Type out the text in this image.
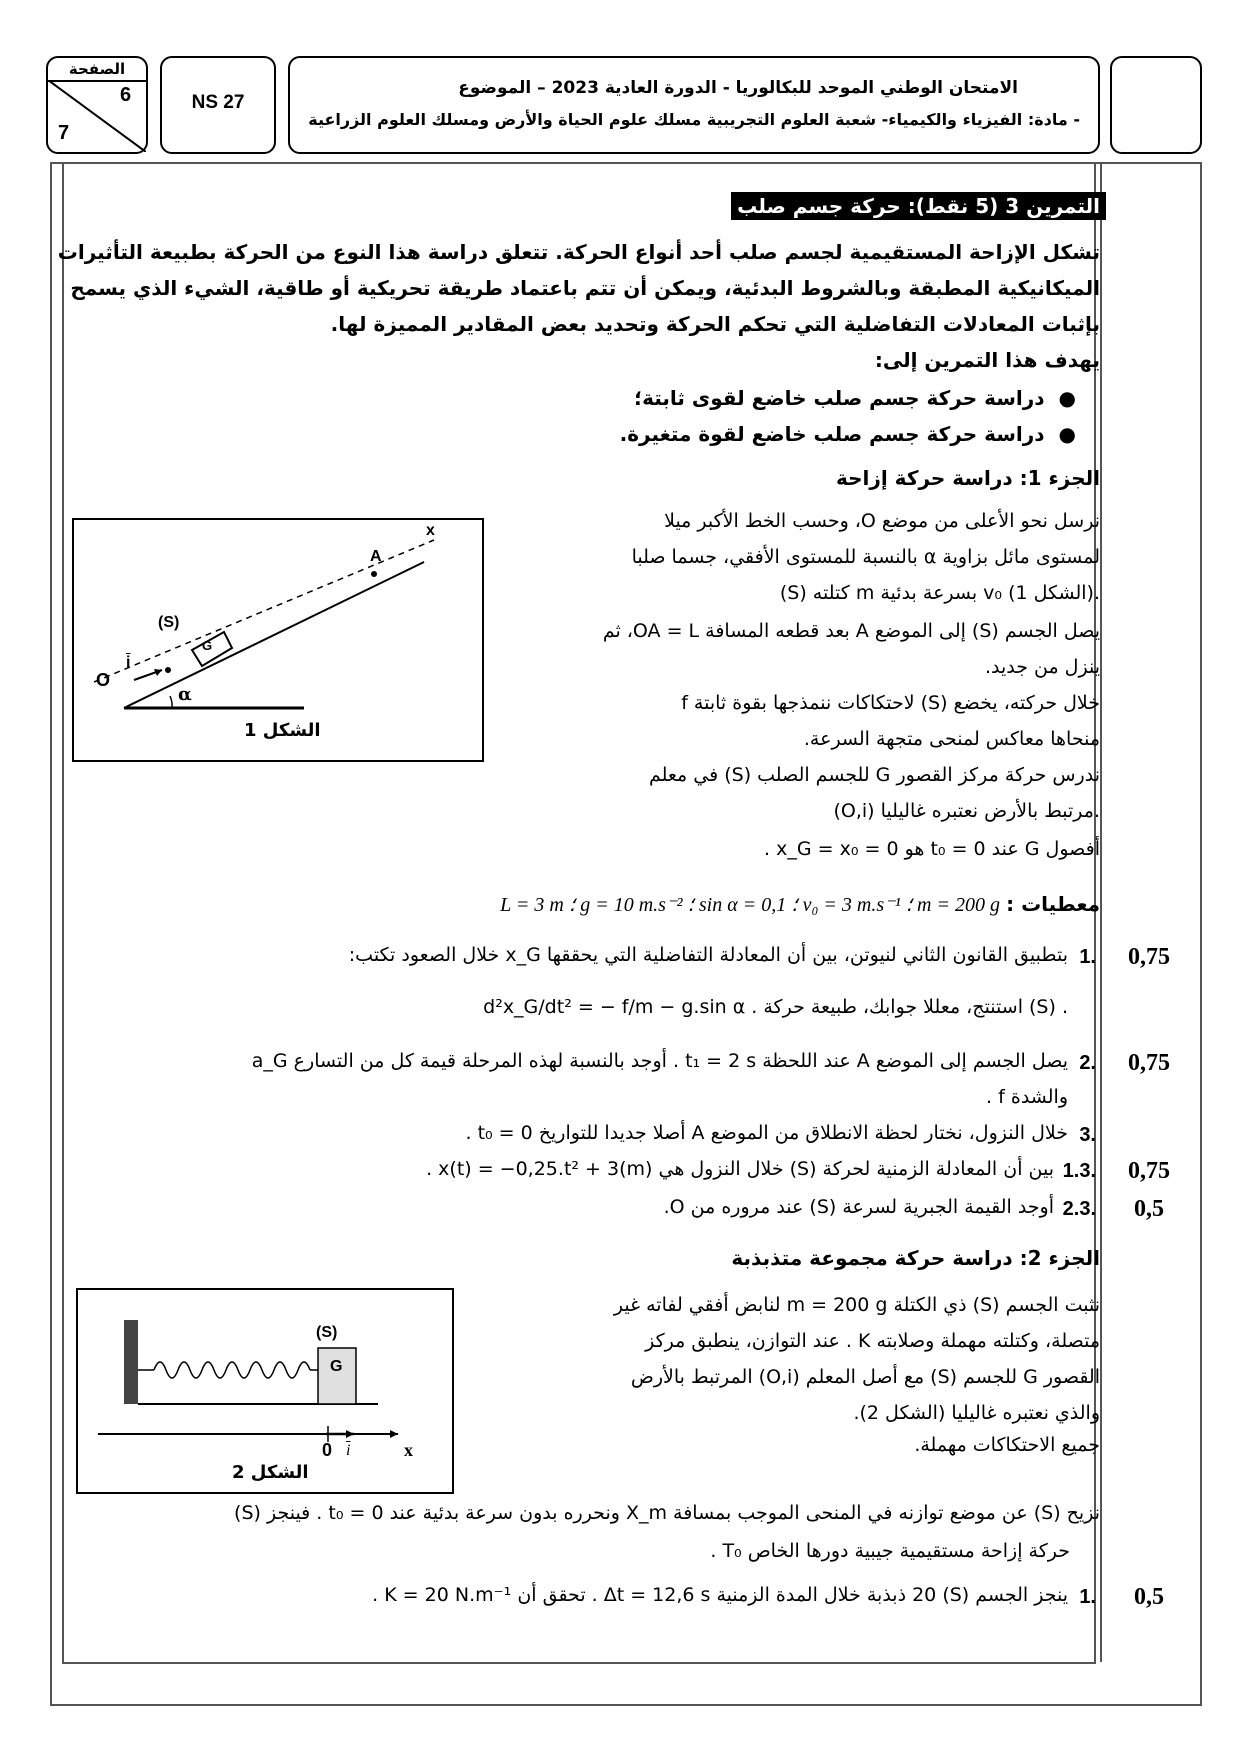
الصفحة
6
7
NS 27
الامتحان الوطني الموحد للبكالوريا - الدورة العادية 2023 – الموضوع
- مادة: الفيزياء والكيمياء- شعبة العلوم التجريبية مسلك علوم الحياة والأرض ومسلك العلوم الزراعية
التمرين 3 (5 نقط): حركة جسم صلب
تشكل الإزاحة المستقيمية لجسم صلب أحد أنواع الحركة. تتعلق دراسة هذا النوع من الحركة بطبيعة التأثيرات
الميكانيكية المطبقة وبالشروط البدئية، ويمكن أن تتم باعتماد طريقة تحريكية أو طاقية، الشيء الذي يسمح
بإثبات المعادلات التفاضلية التي تحكم الحركة وتحديد بعض المقادير المميزة لها.
يهدف هذا التمرين إلى:
●دراسة حركة جسم صلب خاضع لقوى ثابتة؛
●دراسة حركة جسم صلب خاضع لقوة متغيرة.
الجزء 1: دراسة حركة إزاحة
O
$\overline{i}$
(S)
G
A
x
α
الشكل 1
نرسل نحو الأعلى من موضع O، وحسب الخط الأكبر ميلا
لمستوى مائل بزاوية α بالنسبة للمستوى الأفقي، جسما صلبا
(S) كتلته m بسرعة بدئية v₀ (الشكل 1).
يصل الجسم (S) إلى الموضع A بعد قطعه المسافة OA = L، ثم
ينزل من جديد.
خلال حركته، يخضع (S) لاحتكاكات ننمذجها بقوة ثابتة f
منحاها معاكس لمنحى متجهة السرعة.
ندرس حركة مركز القصور G للجسم الصلب (S) في معلم
(O,i) مرتبط بالأرض نعتبره غاليليا.
أفصول G عند t₀ = 0 هو x_G = x₀ = 0 .
معطيات :
L = 3 m ؛ g = 10 m.s⁻² ؛ sin α = 0,1 ؛ v₀ = 3 m.s⁻¹ ؛ m = 200 g
0,75
1.
بتطبيق القانون الثاني لنيوتن، بين أن المعادلة التفاضلية التي يحققها x_G خلال الصعود تكتب:
d²x_G/dt² = − f/m − g.sin α . استنتج، معللا جوابك، طبيعة حركة (S) .
0,75
2.
يصل الجسم إلى الموضع A عند اللحظة t₁ = 2 s . أوجد بالنسبة لهذه المرحلة قيمة كل من التسارع a_G
والشدة f .
3.
خلال النزول، نختار لحظة الانطلاق من الموضع A أصلا جديدا للتواريخ t₀ = 0 .
0,75
1.3.
بين أن المعادلة الزمنية لحركة (S) خلال النزول هي x(t) = −0,25.t² + 3(m) .
0,5
2.3.
أوجد القيمة الجبرية لسرعة (S) عند مروره من O.
الجزء 2: دراسة حركة مجموعة متذبذبة
(S)
G
0 $\overline{i}$	x
الشكل 2
نثبت الجسم (S) ذي الكتلة m = 200 g لنابض أفقي لفاته غير
متصلة، وكتلته مهملة وصلابته K . عند التوازن، ينطبق مركز
القصور G للجسم (S) مع أصل المعلم (O,i) المرتبط بالأرض
والذي نعتبره غاليليا (الشكل 2).
جميع الاحتكاكات مهملة.
نزيح (S) عن موضع توازنه في المنحى الموجب بمسافة X_m ونحرره بدون سرعة بدئية عند t₀ = 0 . فينجز (S)
حركة إزاحة مستقيمية جيبية دورها الخاص T₀ .
0,5
1.
ينجز الجسم (S) 20 ذبذبة خلال المدة الزمنية Δt = 12,6 s . تحقق أن K = 20 N.m⁻¹ .
